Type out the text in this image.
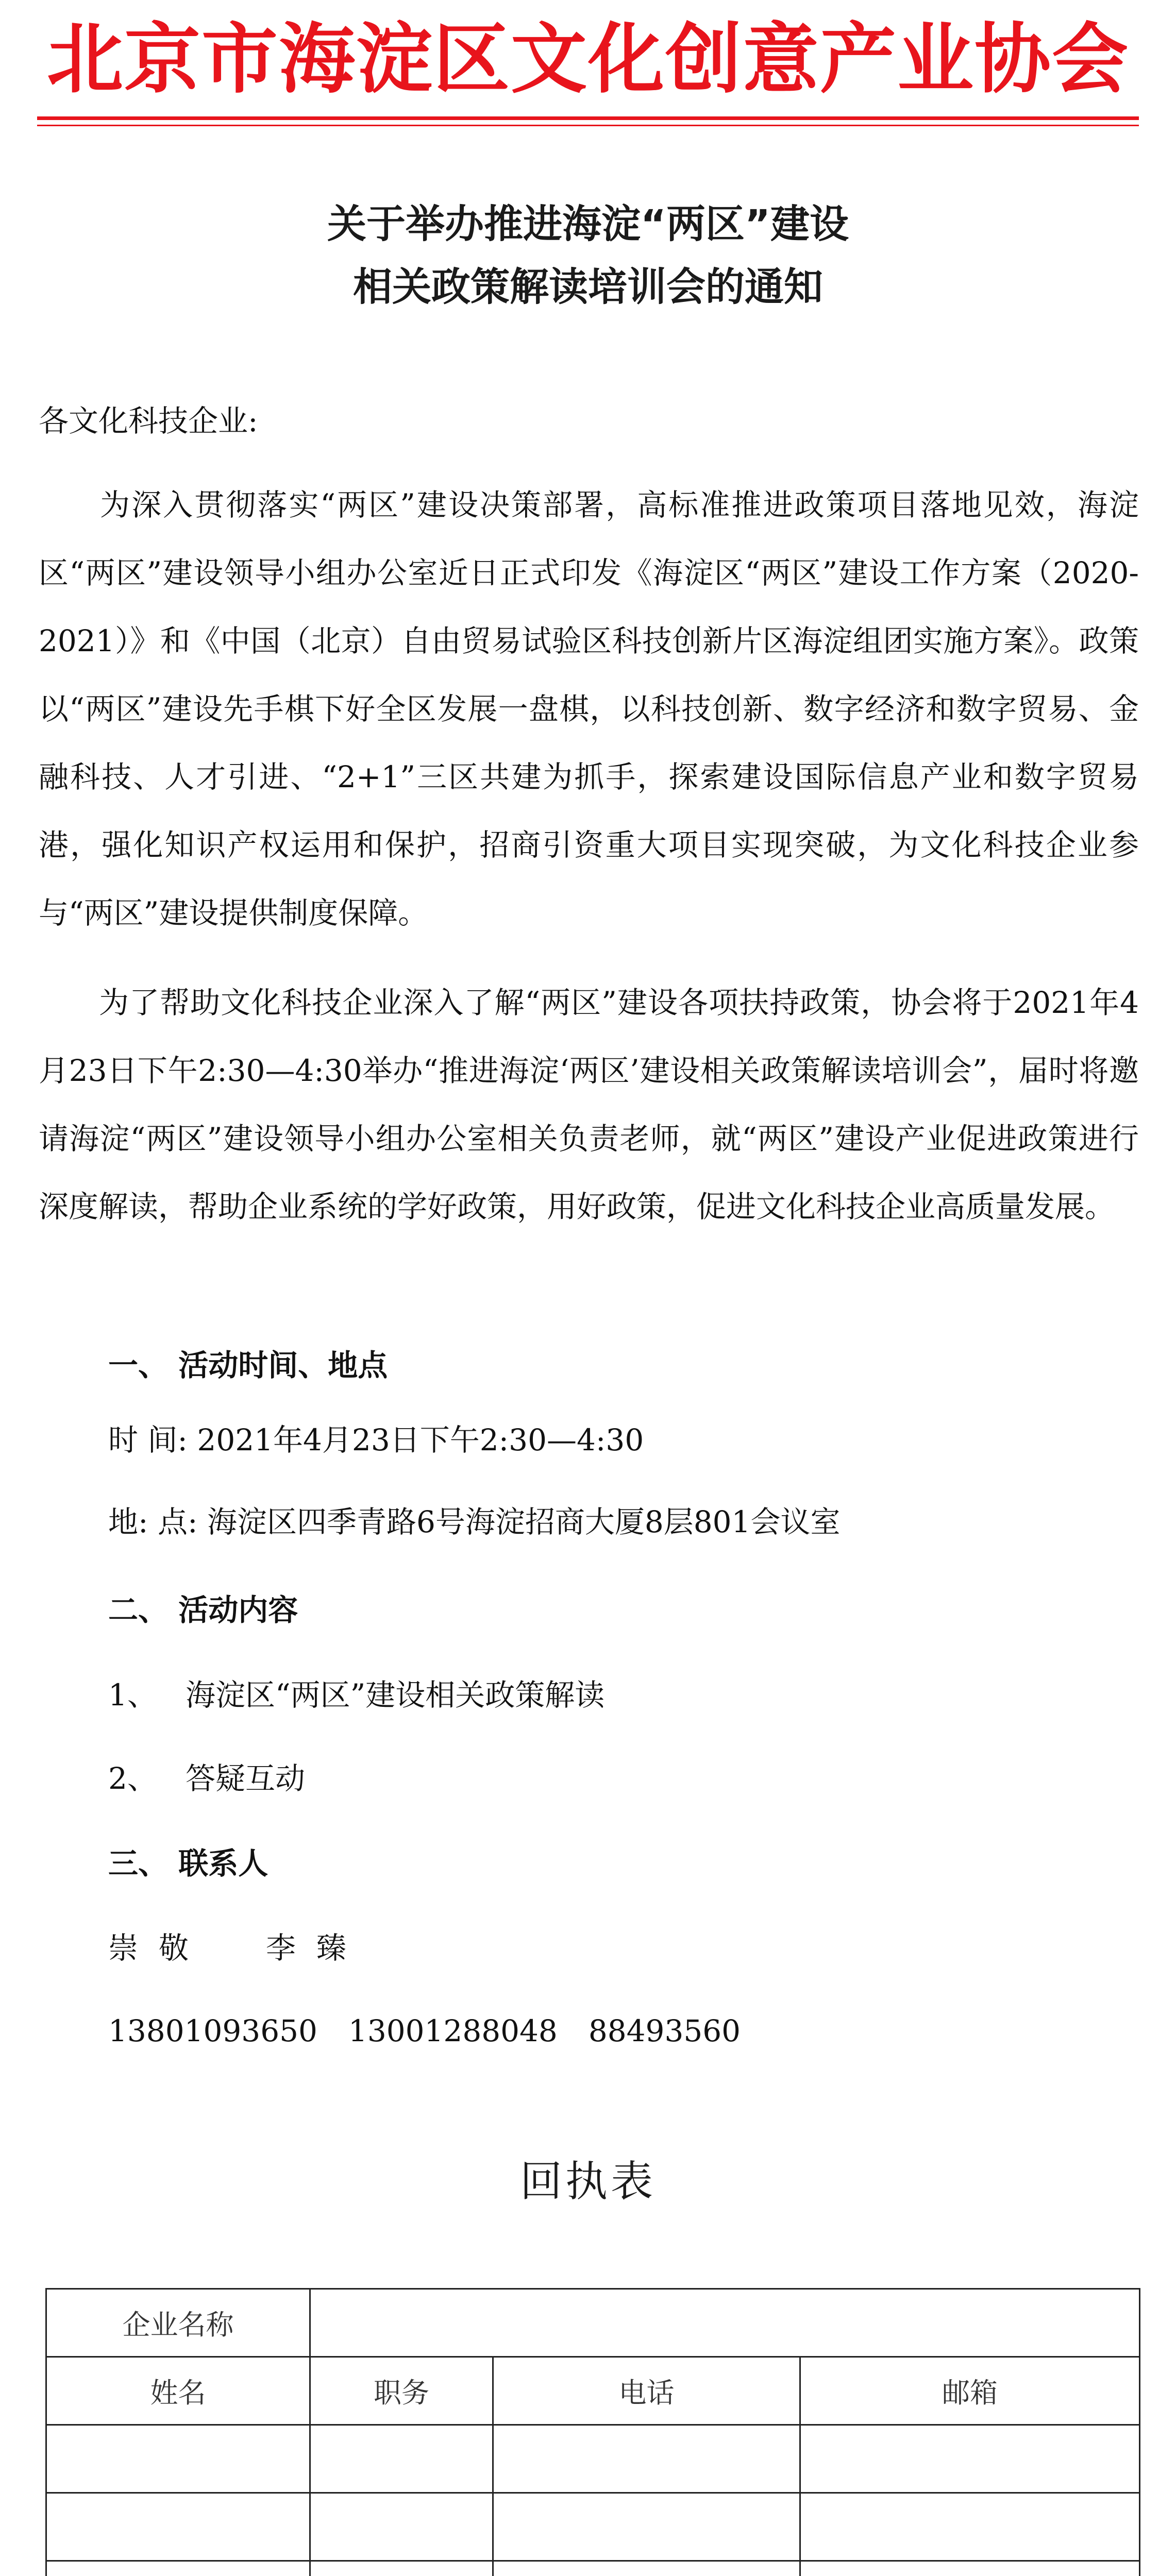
北京市海淀区文化创意产业协会
关于举办推进海淀“两区”建设
相关政策解读培训会的通知
各文化科技企业:

为深入贯彻落实“两区”建设决策部署，高标准推进政策项目落地见效，海淀区“两区”建设领导小组办公室近日正式印发《海淀区“两区”建设工作方案（2020-2021）》和《中国（北京）自由贸易试验区科技创新片区海淀组团实施方案》。政策以“两区”建设先手棋下好全区发展一盘棋，以科技创新、数字经济和数字贸易、金融科技、人才引进、“2+1”三区共建为抓手，探索建设国际信息产业和数字贸易港，强化知识产权运用和保护，招商引资重大项目实现突破，为文化科技企业参与“两区”建设提供制度保障。

为了帮助文化科技企业深入了解“两区”建设各项扶持政策，协会将于2021年4月23日下午2:30—4:30举办“推进海淀‘两区’建设相关政策解读培训会”，届时将邀请海淀“两区”建设领导小组办公室相关负责老师，就“两区”建设产业促进政策进行深度解读，帮助企业系统的学好政策，用好政策，促进文化科技企业高质量发展。

一、 活动时间、地点
时 间: 2021年4月23日下午2:30—4:30
地: 点: 海淀区四季青路6号海淀招商大厦8层801会议室
二、 活动内容
1、 海淀区“两区”建设相关政策解读
2、 答疑互动
三、 联系人
崇敬 李臻
13801093650 13001288048 88493560
回执表
企业名称			
姓名	职务	电话	邮箱
